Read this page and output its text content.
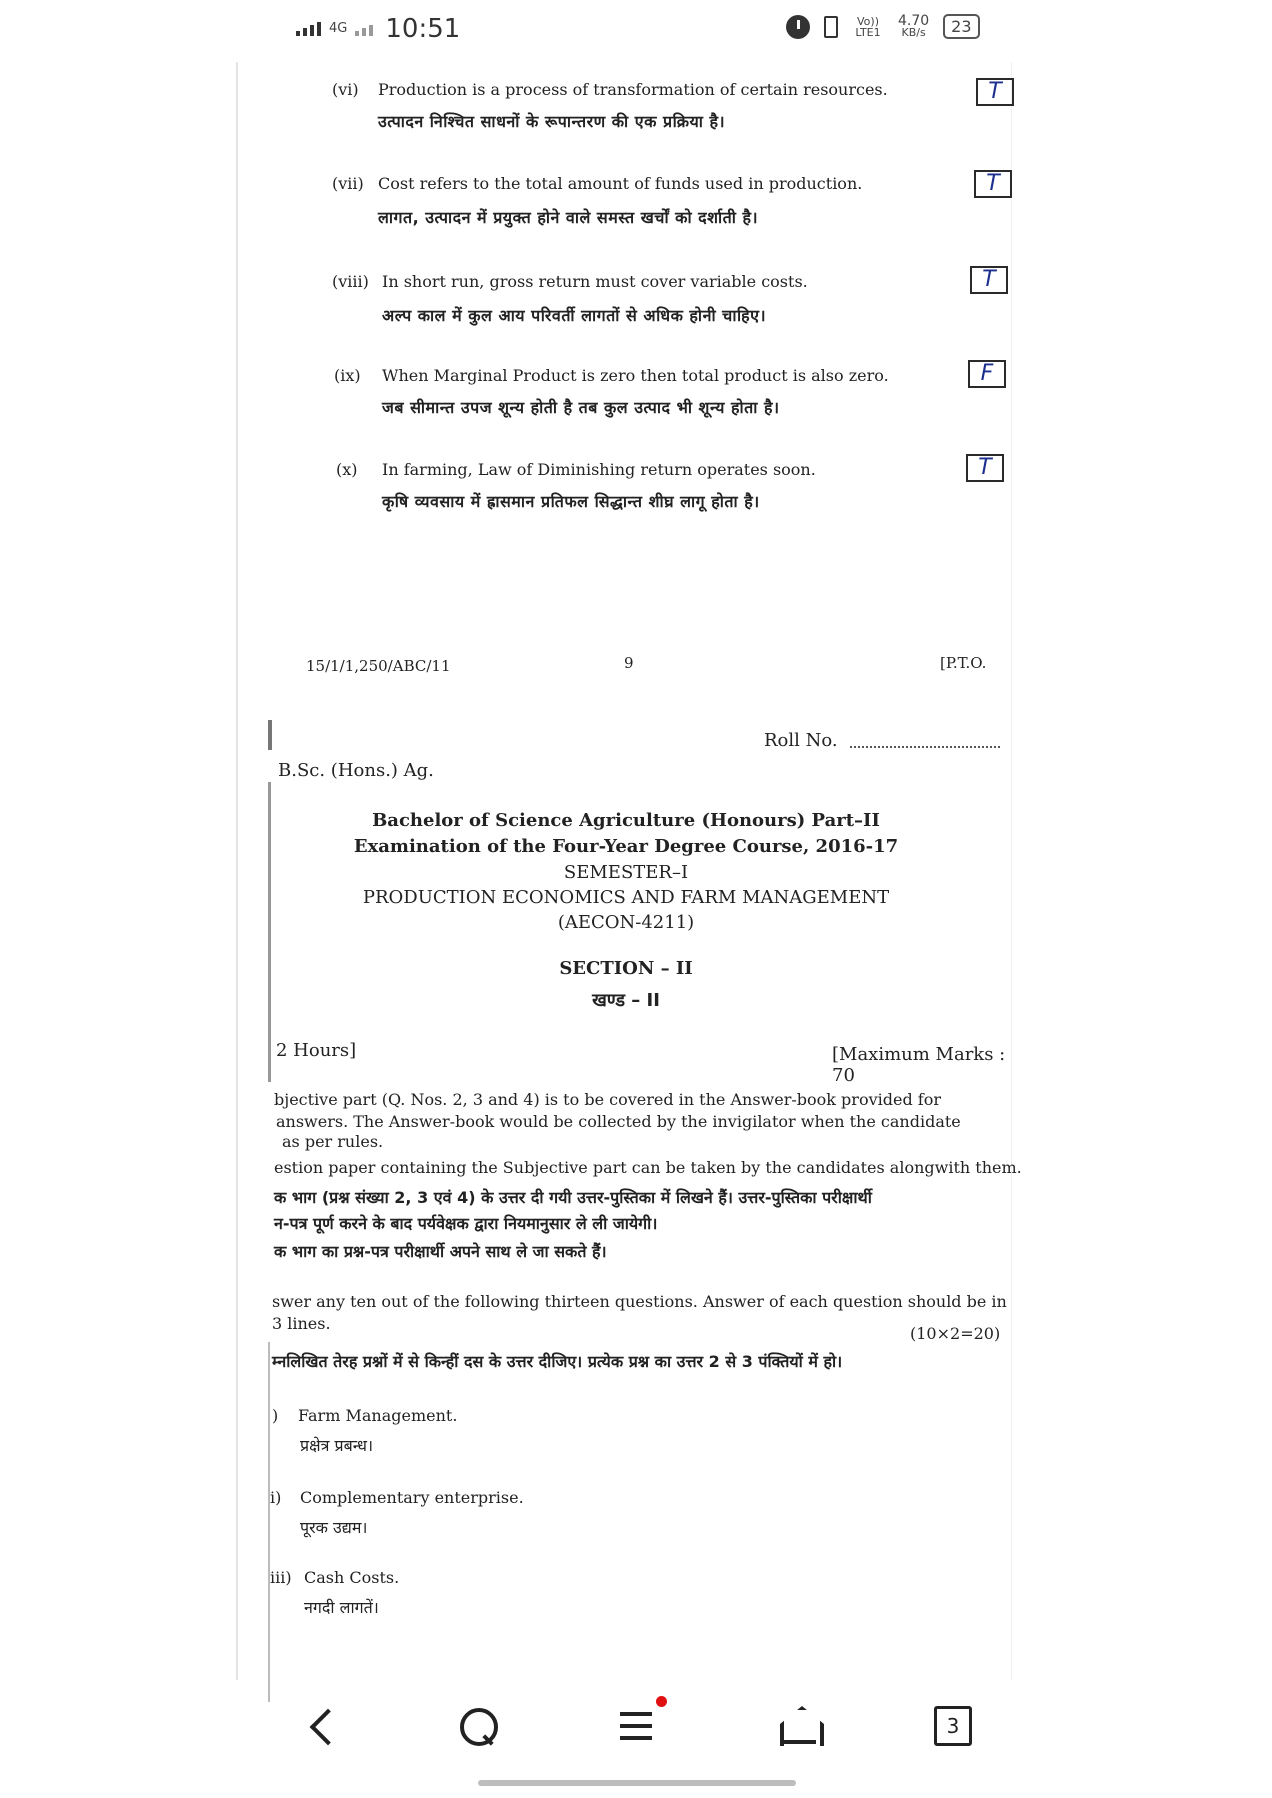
4G 10:51	Vo)) LTE1
4.70
KB/s	23
(vi) Production is a process of transformation of certain resources.
उत्पादन निश्चित साधनों के रूपान्तरण की एक प्रक्रिया है।
T
(vii) Cost refers to the total amount of funds used in production.
लागत, उत्पादन में प्रयुक्त होने वाले समस्त खर्चों को दर्शाती है।
T
(viii) In short run, gross return must cover variable costs.
अल्प काल में कुल आय परिवर्ती लागतों से अधिक होनी चाहिए।
T
(ix) When Marginal Product is zero then total product is also zero.
जब सीमान्त उपज शून्य होती है तब कुल उत्पाद भी शून्य होता है।
F
(x) In farming, Law of Diminishing return operates soon.
कृषि व्यवसाय में ह्रासमान प्रतिफल सिद्धान्त शीघ्र लागू होता है।
T
15/1/1,250/ABC/11	9	[P.T.O.
Roll No.
B.Sc. (Hons.) Ag.
Bachelor of Science Agriculture (Honours) Part–II
Examination of the Four-Year Degree Course, 2016-17
SEMESTER–I
PRODUCTION ECONOMICS AND FARM MANAGEMENT
(AECON-4211)
SECTION – II
खण्ड – II
2 Hours]	[Maximum Marks : 70
bjective part (Q. Nos. 2, 3 and 4) is to be covered in the Answer-book provided for
answers. The Answer-book would be collected by the invigilator when the candidate
as per rules.
estion paper containing the Subjective part can be taken by the candidates alongwith them.
क भाग (प्रश्न संख्या 2, 3 एवं 4) के उत्तर दी गयी उत्तर-पुस्तिका में लिखने हैं। उत्तर-पुस्तिका परीक्षार्थी
न-पत्र पूर्ण करने के बाद पर्यवेक्षक द्वारा नियमानुसार ले ली जायेगी।
क भाग का प्रश्न-पत्र परीक्षार्थी अपने साथ ले जा सकते हैं।
swer any ten out of the following thirteen questions. Answer of each question should be in
3 lines.
(10×2=20)
म्नलिखित तेरह प्रश्नों में से किन्हीं दस के उत्तर दीजिए। प्रत्येक प्रश्न का उत्तर 2 से 3 पंक्तियों में हो।
) Farm Management.
प्रक्षेत्र प्रबन्ध।
i) Complementary enterprise.
पूरक उद्यम।
iii) Cash Costs.
नगदी लागतें।
3
